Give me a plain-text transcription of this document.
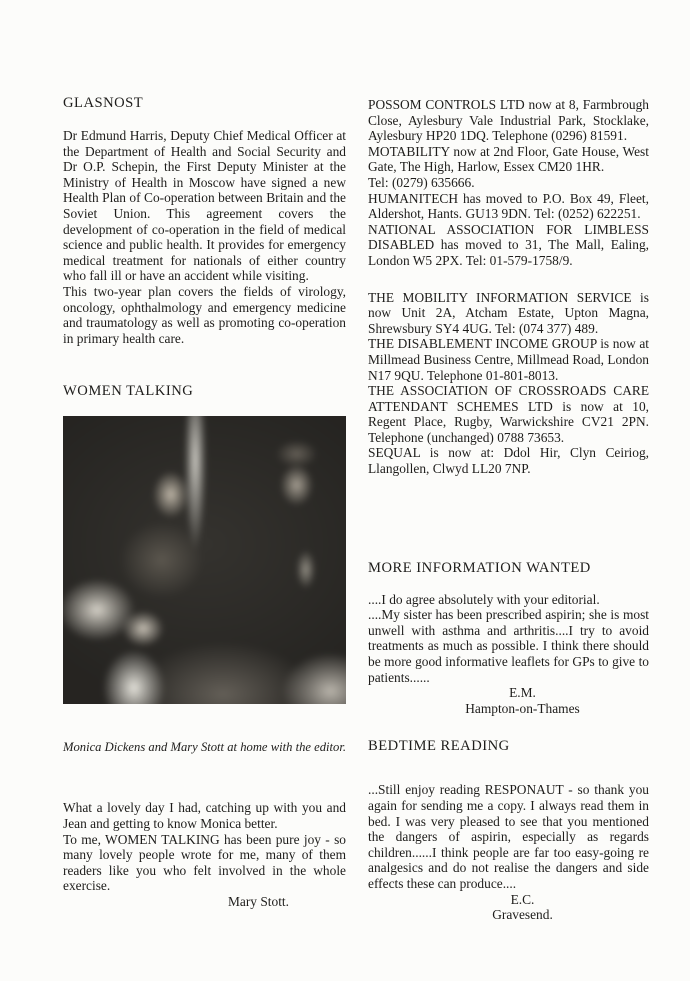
GLASNOST

Dr Edmund Harris, Deputy Chief Medical Officer at the Department of Health and Social Security and Dr O.P. Schepin, the First Deputy Minister at the Ministry of Health in Moscow have signed a new Health Plan of Co-operation between Britain and the Soviet Union. This agreement covers the development of co-operation in the field of medical science and public health. It provides for emergency medical treatment for nationals of either country who fall ill or have an accident while visiting.

This two-year plan covers the fields of virology, oncology, ophthalmology and emergency medicine and traumatology as well as promoting co-operation in primary health care.

WOMEN TALKING

Monica Dickens and Mary Stott at home with the editor.

What a lovely day I had, catching up with you and Jean and getting to know Monica better.

To me, WOMEN TALKING has been pure joy - so many lovely people wrote for me, many of them readers like you who felt involved in the whole exercise.

Mary Stott.

POSSOM CONTROLS LTD now at 8, Farmbrough Close, Aylesbury Vale Industrial Park, Stocklake, Aylesbury HP20 1DQ. Telephone (0296) 81591.

MOTABILITY now at 2nd Floor, Gate House, West Gate, The High, Harlow, Essex CM20 1HR.

Tel: (0279) 635666.

HUMANITECH has moved to P.O. Box 49, Fleet, Aldershot, Hants. GU13 9DN. Tel: (0252) 622251.

NATIONAL ASSOCIATION FOR LIMBLESS DISABLED has moved to 31, The Mall, Ealing, London W5 2PX. Tel: 01-579-1758/9.

THE MOBILITY INFORMATION SERVICE is now Unit 2A, Atcham Estate, Upton Magna, Shrewsbury SY4 4UG. Tel: (074 377) 489.

THE DISABLEMENT INCOME GROUP is now at Millmead Business Centre, Millmead Road, London N17 9QU. Telephone 01-801-8013.

THE ASSOCIATION OF CROSSROADS CARE ATTENDANT SCHEMES LTD is now at 10, Regent Place, Rugby, Warwickshire CV21 2PN. Telephone (unchanged) 0788 73653.

SEQUAL is now at: Ddol Hir, Clyn Ceiriog, Llangollen, Clwyd LL20 7NP.

MORE INFORMATION WANTED

....I do agree absolutely with your editorial.

....My sister has been prescribed aspirin; she is most unwell with asthma and arthritis....I try to avoid treatments as much as possible. I think there should be more good informative leaflets for GPs to give to patients......

E.M.

Hampton-on-Thames

BEDTIME READING

...Still enjoy reading RESPONAUT - so thank you again for sending me a copy. I always read them in bed. I was very pleased to see that you mentioned the dangers of aspirin, especially as regards children......I think people are far too easy-going re analgesics and do not realise the dangers and side effects these can produce....

E.C.

Gravesend.
